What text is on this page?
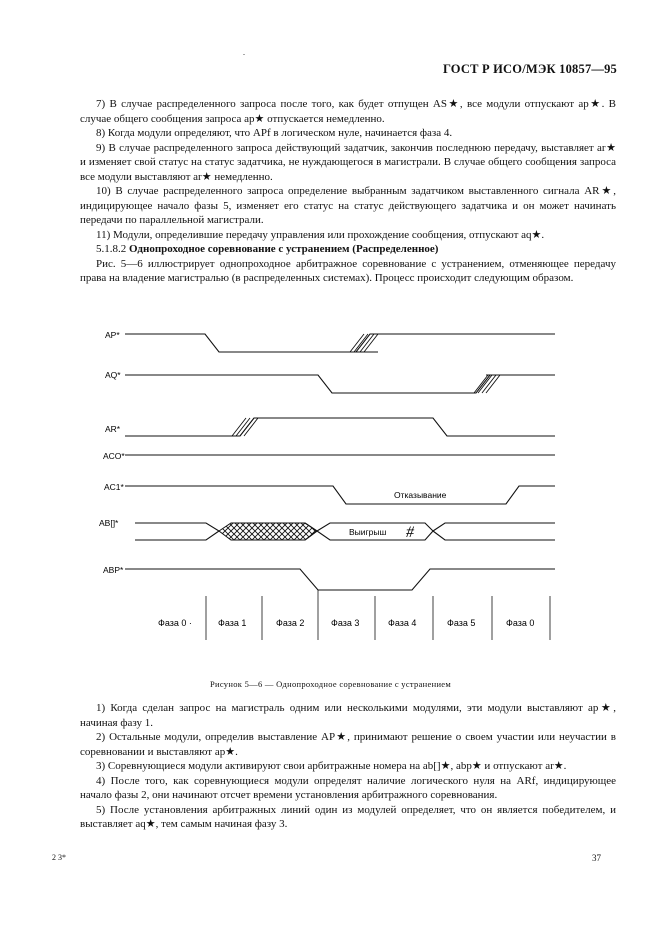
.
ГОСТ Р ИСО/МЭК 10857—95

7) В случае распределенного запроса после того, как будет отпущен AS★, все модули отпускают ap★. В случае общего сообщения запроса ap★ отпускается немедленно.

8) Когда модули определяют, что APf в логическом нуле, начинается фаза 4.

9) В случае распределенного запроса действующий задатчик, закончив последнюю передачу, выставляет ar★ и изменяет свой статус на статус задатчика, не нуждающегося в магистрали. В случае общего сообщения запроса все модули выставляют ar★ немедленно.

10) В случае распределенного запроса определение выбранным задатчиком выставленного сигнала AR★, индицирующее начало фазы 5, изменяет его статус на статус действующего задатчика и он может начинать передачи по параллельной магистрали.

11) Модули, определившие передачу управления или прохождение сообщения, отпускают aq★.

5.1.8.2 Однопроходное соревнование с устранением (Распределенное)

Рис. 5—6 иллюстрирует однопроходное арбитражное соревнование с устранением, отменяющее передачу права на владение магистралью (в распределенных системах). Процесс происходит следующим образом.

AP*
AQ*
AR*
ACO*
AC1*
AB[]*
ABP*
Отказывание
Выигрыш #
Фаза 0 ·	Фаза 1	Фаза 2	Фаза 3	Фаза 4	Фаза 5	Фаза 0
Рисунок 5—6 — Однопроходное соревнование с устранением

1) Когда сделан запрос на магистраль одним или несколькими модулями, эти модули выставляют ap★, начиная фазу 1.

2) Остальные модули, определив выставление AP★, принимают решение о своем участии или неучастии в соревновании и выставляют ap★.

3) Соревнующиеся модули активируют свои арбитражные номера на ab[]★, abp★ и отпускают ar★.

4) После того, как соревнующиеся модули определят наличие логического нуля на ARf, индицирующее начало фазы 2, они начинают отсчет времени установления арбитражного соревнования.

5) После установления арбитражных линий один из модулей определяет, что он является победителем, и выставляет aq★, тем самым начиная фазу 3.

2 3*	37
